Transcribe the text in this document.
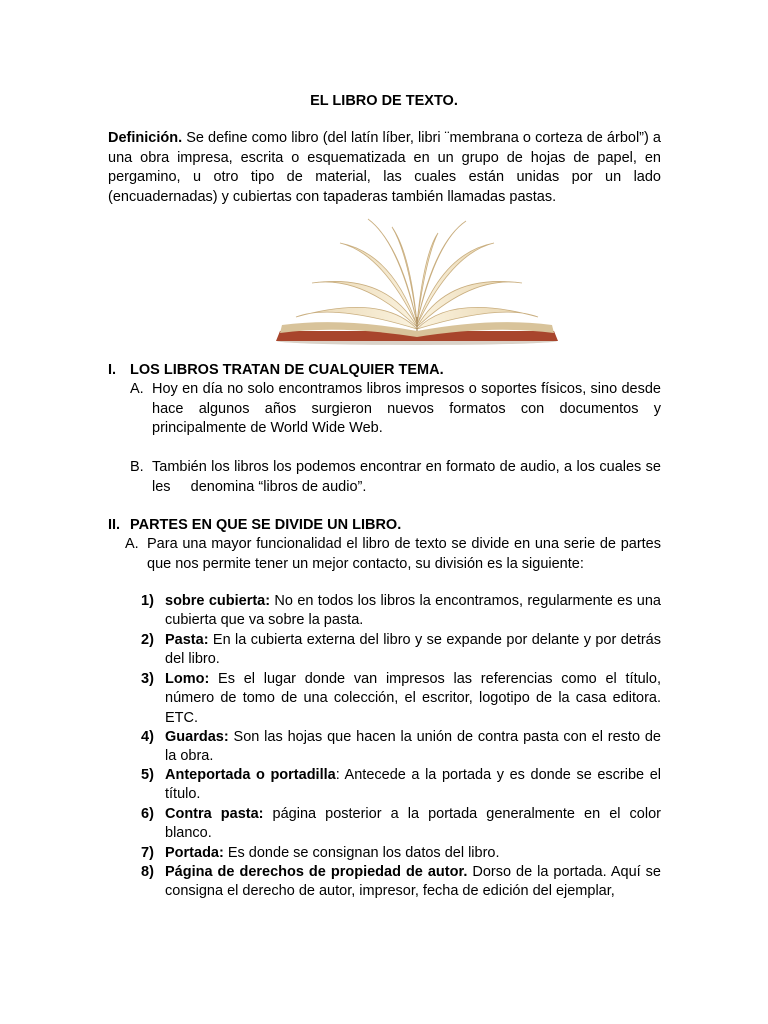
EL LIBRO DE TEXTO.

Definición. Se define como libro (del latín líber, libri ¨membrana o corteza de árbol”) a una obra impresa, escrita o esquematizada en un grupo de hojas de papel, en pergamino, u otro tipo de material, las cuales están unidas por un lado (encuadernadas) y cubiertas con tapaderas también llamadas pastas.

I. LOS LIBROS TRATAN DE CUALQUIER TEMA.

A. Hoy en día no solo encontramos libros impresos o soportes físicos, sino desde hace algunos años surgieron nuevos formatos con documentos y principalmente de World Wide Web.

B. También los libros los podemos encontrar en formato de audio, a los cuales se les     denomina “libros de audio”.

II. PARTES EN QUE SE DIVIDE UN LIBRO.

A. Para una mayor funcionalidad el libro de texto se divide en una serie de partes que nos permite tener un mejor contacto, su división es la siguiente:

1) sobre cubierta: No en todos los libros la encontramos, regularmente es una cubierta que va sobre la pasta.

2) Pasta: En la cubierta externa del libro y se expande por delante y por detrás del libro.

3) Lomo: Es el lugar donde van impresos las referencias como el título, número de tomo de una colección, el escritor, logotipo de la casa editora. ETC.

4) Guardas: Son las hojas que hacen la unión de contra pasta con el resto de la obra.

5) Anteportada o portadilla: Antecede a la portada y es donde se escribe el título.

6) Contra pasta: página posterior a la portada generalmente en el color blanco.

7) Portada: Es donde se consignan los datos del libro.

8) Página de derechos de propiedad de autor. Dorso de la portada. Aquí se consigna el derecho de autor, impresor, fecha de edición del ejemplar,
